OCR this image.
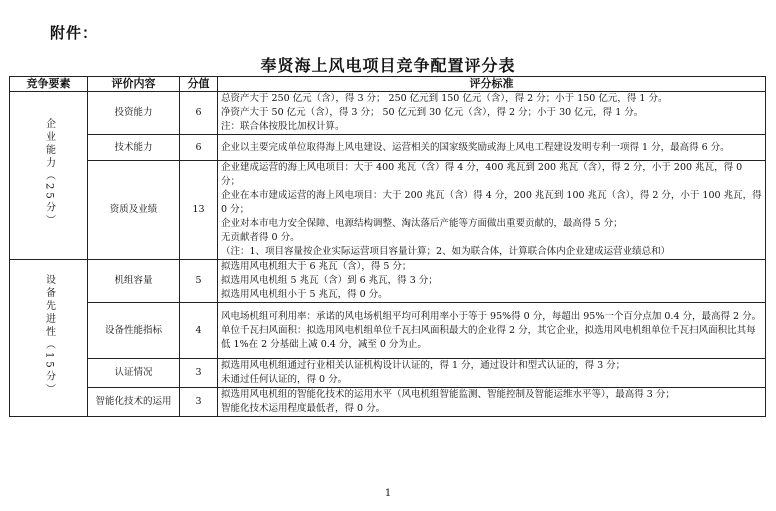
附件：
奉贤海上风电项目竞争配置评分表
竞争要素	评价内容	分值	评分标准
企业能力（25分）	投资能力	6	总资产大于 250 亿元（含），得 3 分； 250 亿元到 150 亿元（含），得 2 分；小于 150 亿元，得 1 分。
净资产大于 50 亿元（含），得 3 分； 50 亿元到 30 亿元（含），得 2 分；小于 30 亿元，得 1 分。
注：联合体按股比加权计算。

	技术能力	6	企业以主要完成单位取得海上风电建设、运营相关的国家级奖励或海上风电工程建设发明专利一项得 1 分，最高得 6 分。

	资质及业绩	13	企业建成运营的海上风电项目：大于 400 兆瓦（含）得 4 分，400 兆瓦到 200 兆瓦（含），得 2 分，小于 200 兆瓦，得 0 分；
企业在本市建成运营的海上风电项目：大于 200 兆瓦（含）得 4 分，200 兆瓦到 100 兆瓦（含），得 2 分，小于 100 兆瓦，得 0 分；
企业对本市电力安全保障、电源结构调整、淘汰落后产能等方面做出重要贡献的，最高得 5 分；
无贡献者得 0 分。
（注：1、项目容量按企业实际运营项目容量计算；2、如为联合体，计算联合体内企业建成运营业绩总和）

设备先进性（15分）	机组容量	5	拟选用风电机组大于 6 兆瓦（含），得 5 分；
拟选用风电机组 5 兆瓦（含）到 6 兆瓦，得 3 分；
拟选用风电机组小于 5 兆瓦，得 0 分。

	设备性能指标	4	风电场机组可利用率：承诺的风电场机组平均可利用率小于等于 95%得 0 分，每超出 95%一个百分点加 0.4 分，最高得 2 分。
单位千瓦扫风面积：拟选用风电机组单位千瓦扫风面积最大的企业得 2 分，其它企业，拟选用风电机组单位千瓦扫风面积比其每低 1%在 2 分基础上减 0.4 分，减至 0 分为止。

	认证情况	3	拟选用风电机组通过行业相关认证机构设计认证的，得 1 分，通过设计和型式认证的，得 3 分；
未通过任何认证的，得 0 分。

	智能化技术的运用	3	拟选用风电机组的智能化技术的运用水平（风电机组智能监测、智能控制及智能运维水平等），最高得 3 分；
智能化技术运用程度最低者，得 0 分。
1
